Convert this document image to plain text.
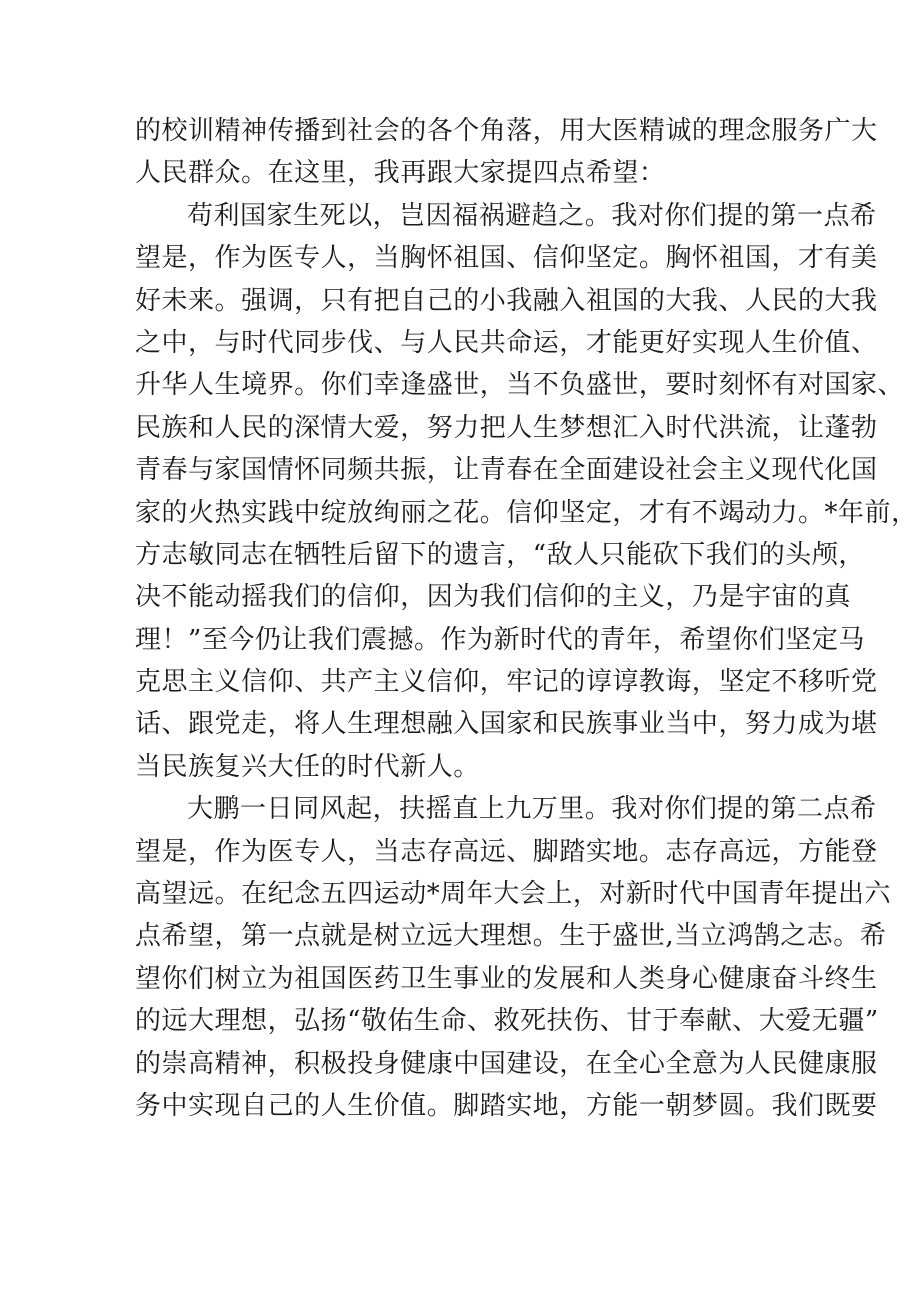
的校训精神传播到社会的各个角落，用大医精诚的理念服务广大
人民群众。在这里，我再跟大家提四点希望：
苟利国家生死以，岂因福祸避趋之。我对你们提的第一点希
望是，作为医专人，当胸怀祖国、信仰坚定。胸怀祖国，才有美
好未来。强调，只有把自己的小我融入祖国的大我、人民的大我
之中，与时代同步伐、与人民共命运，才能更好实现人生价值、
升华人生境界。你们幸逢盛世，当不负盛世，要时刻怀有对国家、
民族和人民的深情大爱，努力把人生梦想汇入时代洪流，让蓬勃
青春与家国情怀同频共振，让青春在全面建设社会主义现代化国
家的火热实践中绽放绚丽之花。信仰坚定，才有不竭动力。*年前，
方志敏同志在牺牲后留下的遗言，“敌人只能砍下我们的头颅，
决不能动摇我们的信仰，因为我们信仰的主义，乃是宇宙的真
理！”至今仍让我们震撼。作为新时代的青年，希望你们坚定马
克思主义信仰、共产主义信仰，牢记的谆谆教诲，坚定不移听党
话、跟党走，将人生理想融入国家和民族事业当中，努力成为堪
当民族复兴大任的时代新人。
大鹏一日同风起，扶摇直上九万里。我对你们提的第二点希
望是，作为医专人，当志存高远、脚踏实地。志存高远，方能登
高望远。在纪念五四运动*周年大会上，对新时代中国青年提出六
点希望，第一点就是树立远大理想。生于盛世,当立鸿鹄之志。希
望你们树立为祖国医药卫生事业的发展和人类身心健康奋斗终生
的远大理想，弘扬“敬佑生命、救死扶伤、甘于奉献、大爱无疆”
的崇高精神，积极投身健康中国建设，在全心全意为人民健康服
务中实现自己的人生价值。脚踏实地，方能一朝梦圆。我们既要
